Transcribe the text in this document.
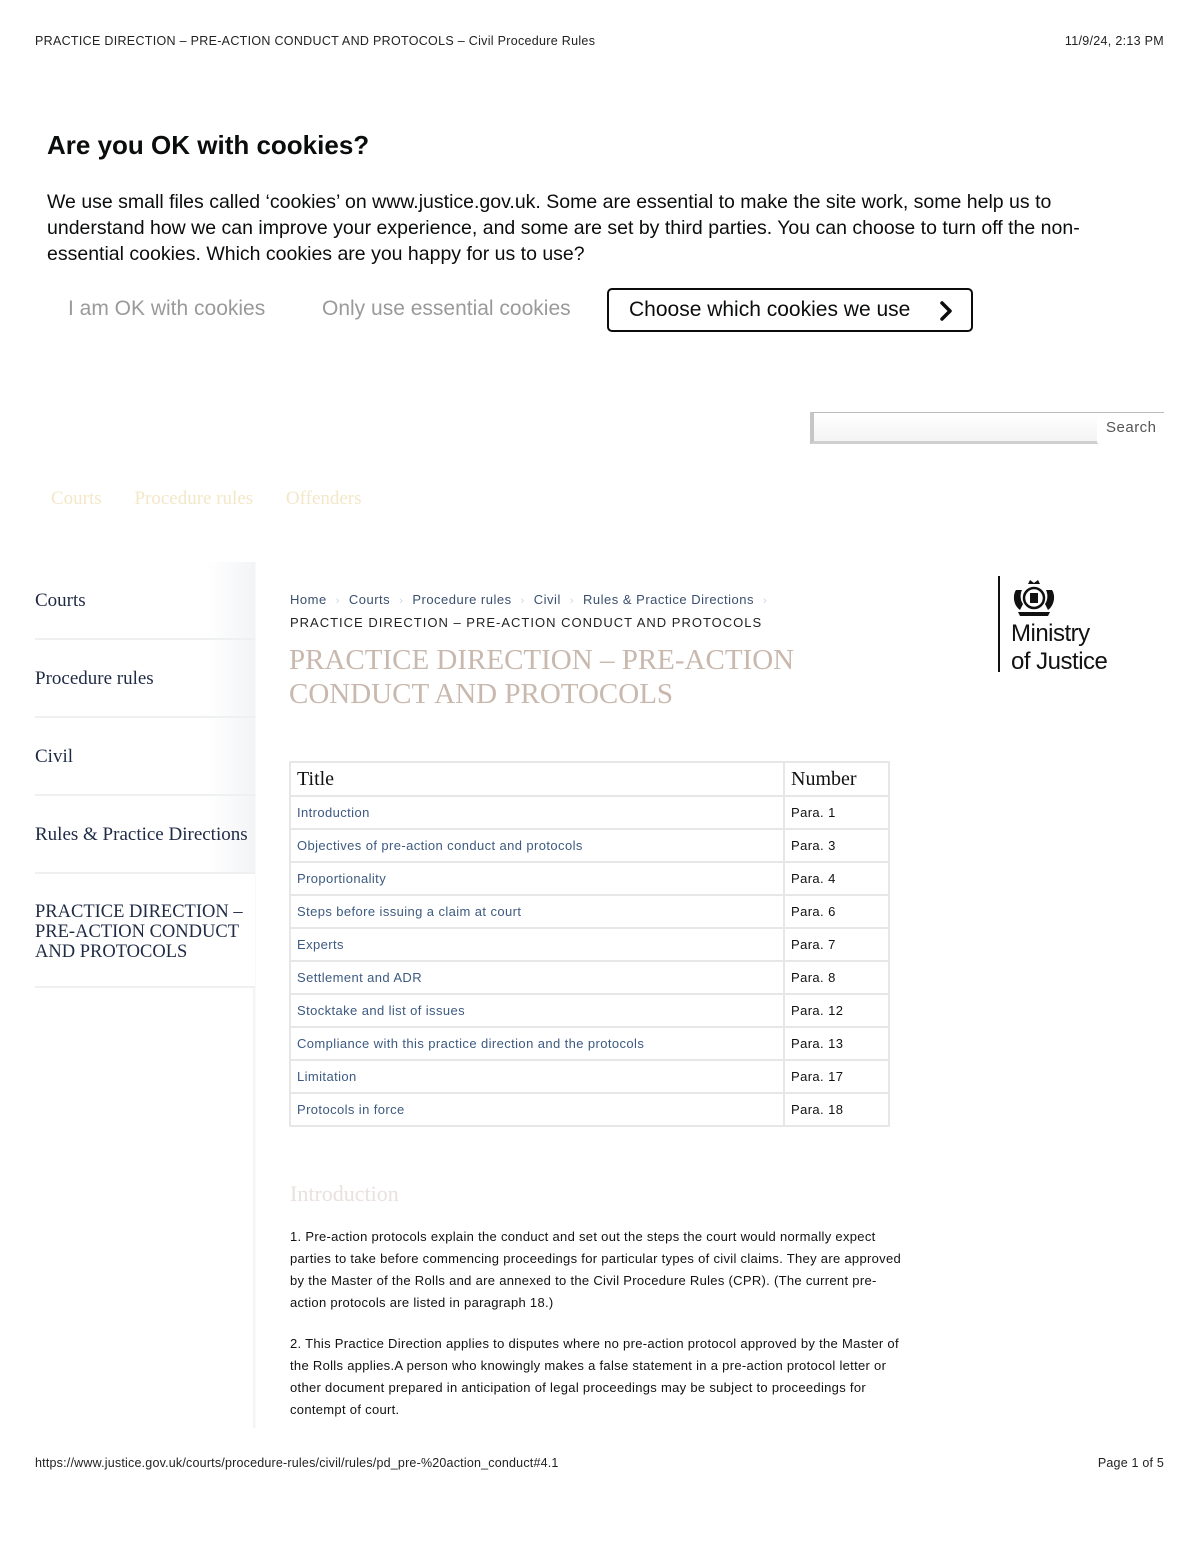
PRACTICE DIRECTION – PRE-ACTION CONDUCT AND PROTOCOLS – Civil Procedure Rules	11/9/24, 2:13 PM
Are you OK with cookies?
We use small files called ‘cookies’ on www.justice.gov.uk. Some are essential to make the site work, some help us to understand how we can improve your experience, and some are set by third parties. You can choose to turn off the non-essential cookies. Which cookies are you happy for us to use?
I am OK with cookies	Only use essential cookies	Choose which cookies we use
Search
Courts Procedure rules Offenders
Courts
Procedure rules
Civil
Rules & Practice Directions
PRACTICE DIRECTION – PRE-ACTION CONDUCT AND PROTOCOLS
Home › Courts › Procedure rules › Civil › Rules & Practice Directions ›
PRACTICE DIRECTION – PRE-ACTION CONDUCT AND PROTOCOLS
PRACTICE DIRECTION – PRE-ACTION CONDUCT AND PROTOCOLS
Ministry
of Justice
Title	Number
Introduction	Para. 1
Objectives of pre-action conduct and protocols	Para. 3
Proportionality	Para. 4
Steps before issuing a claim at court	Para. 6
Experts	Para. 7
Settlement and ADR	Para. 8
Stocktake and list of issues	Para. 12
Compliance with this practice direction and the protocols	Para. 13
Limitation	Para. 17
Protocols in force	Para. 18
Introduction
1. Pre-action protocols explain the conduct and set out the steps the court would normally expect parties to take before commencing proceedings for particular types of civil claims. They are approved by the Master of the Rolls and are annexed to the Civil Procedure Rules (CPR). (The current pre-action protocols are listed in paragraph 18.)
2. This Practice Direction applies to disputes where no pre-action protocol approved by the Master of the Rolls applies.A person who knowingly makes a false statement in a pre-action protocol letter or other document prepared in anticipation of legal proceedings may be subject to proceedings for contempt of court.
https://www.justice.gov.uk/courts/procedure-rules/civil/rules/pd_pre-%20action_conduct#4.1	Page 1 of 5
